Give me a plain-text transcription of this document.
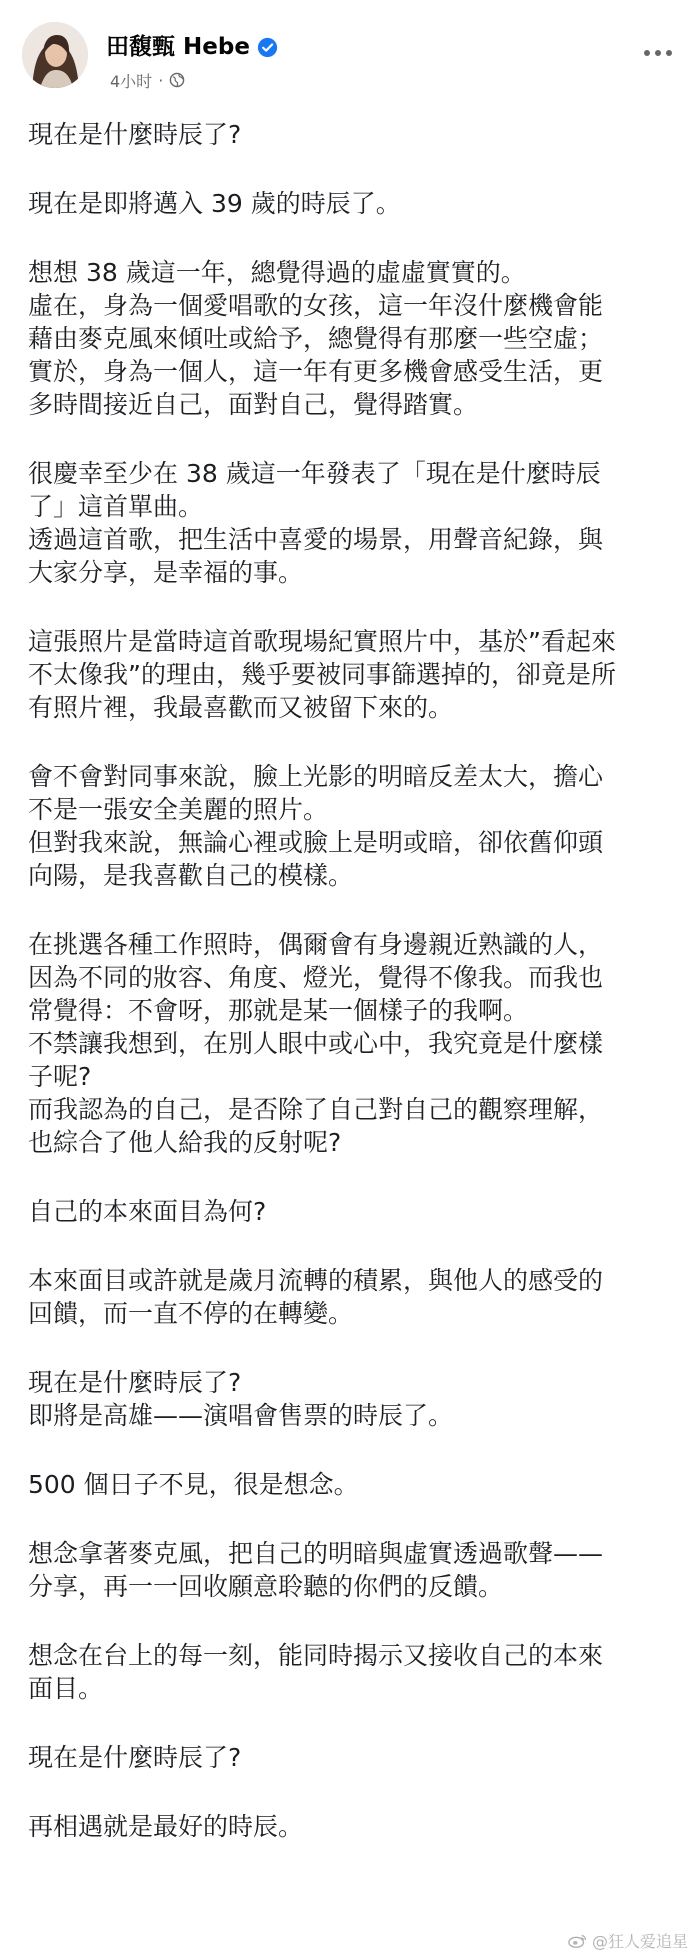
田馥甄 Hebe
4小时 ·
現在是什麼時辰了?
現在是即將邁入 39 歲的時辰了。
想想 38 歲這一年，總覺得過的虛虛實實的。
虛在，身為一個愛唱歌的女孩，這一年沒什麼機會能
藉由麥克風來傾吐或給予，總覺得有那麼一些空虛；
實於，身為一個人，這一年有更多機會感受生活，更
多時間接近自己，面對自己，覺得踏實。
很慶幸至少在 38 歲這一年發表了「現在是什麼時辰
了」這首單曲。
透過這首歌，把生活中喜愛的場景，用聲音紀錄，與
大家分享，是幸福的事。
這張照片是當時這首歌現場紀實照片中，基於”看起來
不太像我”的理由，幾乎要被同事篩選掉的，卻竟是所
有照片裡，我最喜歡而又被留下來的。
會不會對同事來說，臉上光影的明暗反差太大，擔心
不是一張安全美麗的照片。
但對我來說，無論心裡或臉上是明或暗，卻依舊仰頭
向陽，是我喜歡自己的模樣。
在挑選各種工作照時，偶爾會有身邊親近熟識的人，
因為不同的妝容、角度、燈光，覺得不像我。而我也
常覺得：不會呀，那就是某一個樣子的我啊。
不禁讓我想到，在別人眼中或心中，我究竟是什麼樣
子呢?
而我認為的自己，是否除了自己對自己的觀察理解，
也綜合了他人給我的反射呢?
自己的本來面目為何?
本來面目或許就是歲月流轉的積累，與他人的感受的
回饋，而一直不停的在轉變。
現在是什麼時辰了?
即將是高雄——演唱會售票的時辰了。
500 個日子不見，很是想念。
想念拿著麥克風，把自己的明暗與虛實透過歌聲——
分享，再一一回收願意聆聽的你們的反饋。
想念在台上的每一刻，能同時揭示又接收自己的本來
面目。
現在是什麼時辰了?
再相遇就是最好的時辰。
@狂人爱追星
